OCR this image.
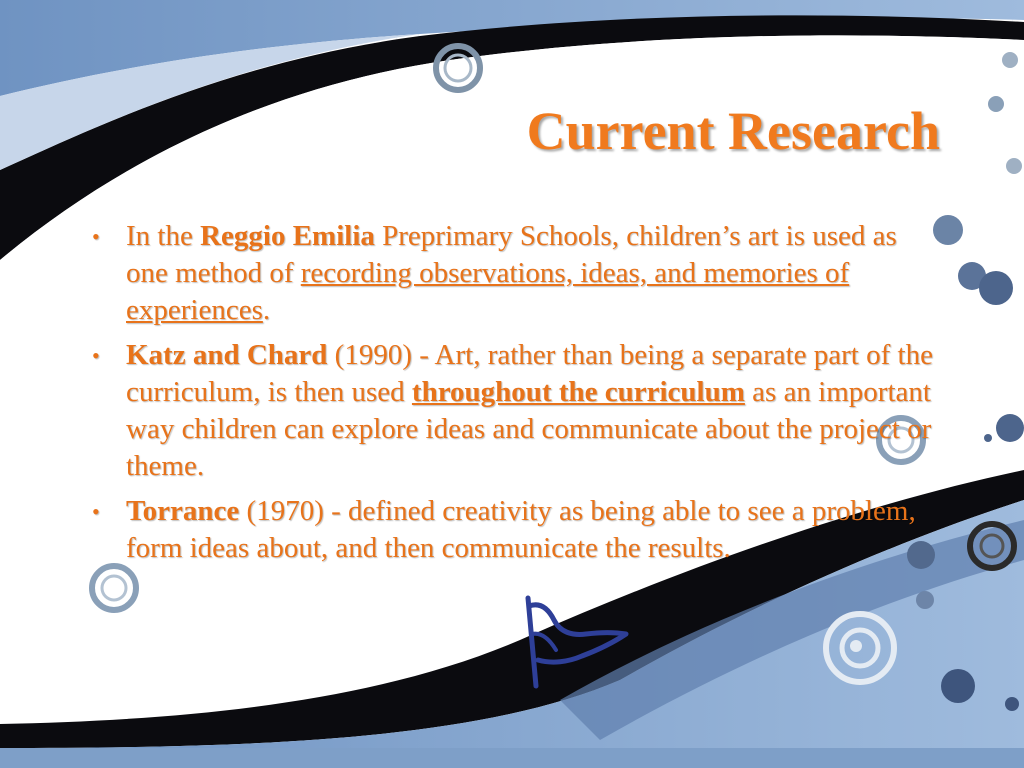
Current Research
• In the Reggio Emilia Preprimary Schools, children’s art is used as one method of recording observations, ideas, and memories of experiences.
• Katz and Chard (1990) - Art, rather than being a separate part of the curriculum, is then used throughout the curriculum as an important way children can explore ideas and communicate about the project or theme.
• Torrance (1970) - defined creativity as being able to see a problem, form ideas about, and then communicate the results.
